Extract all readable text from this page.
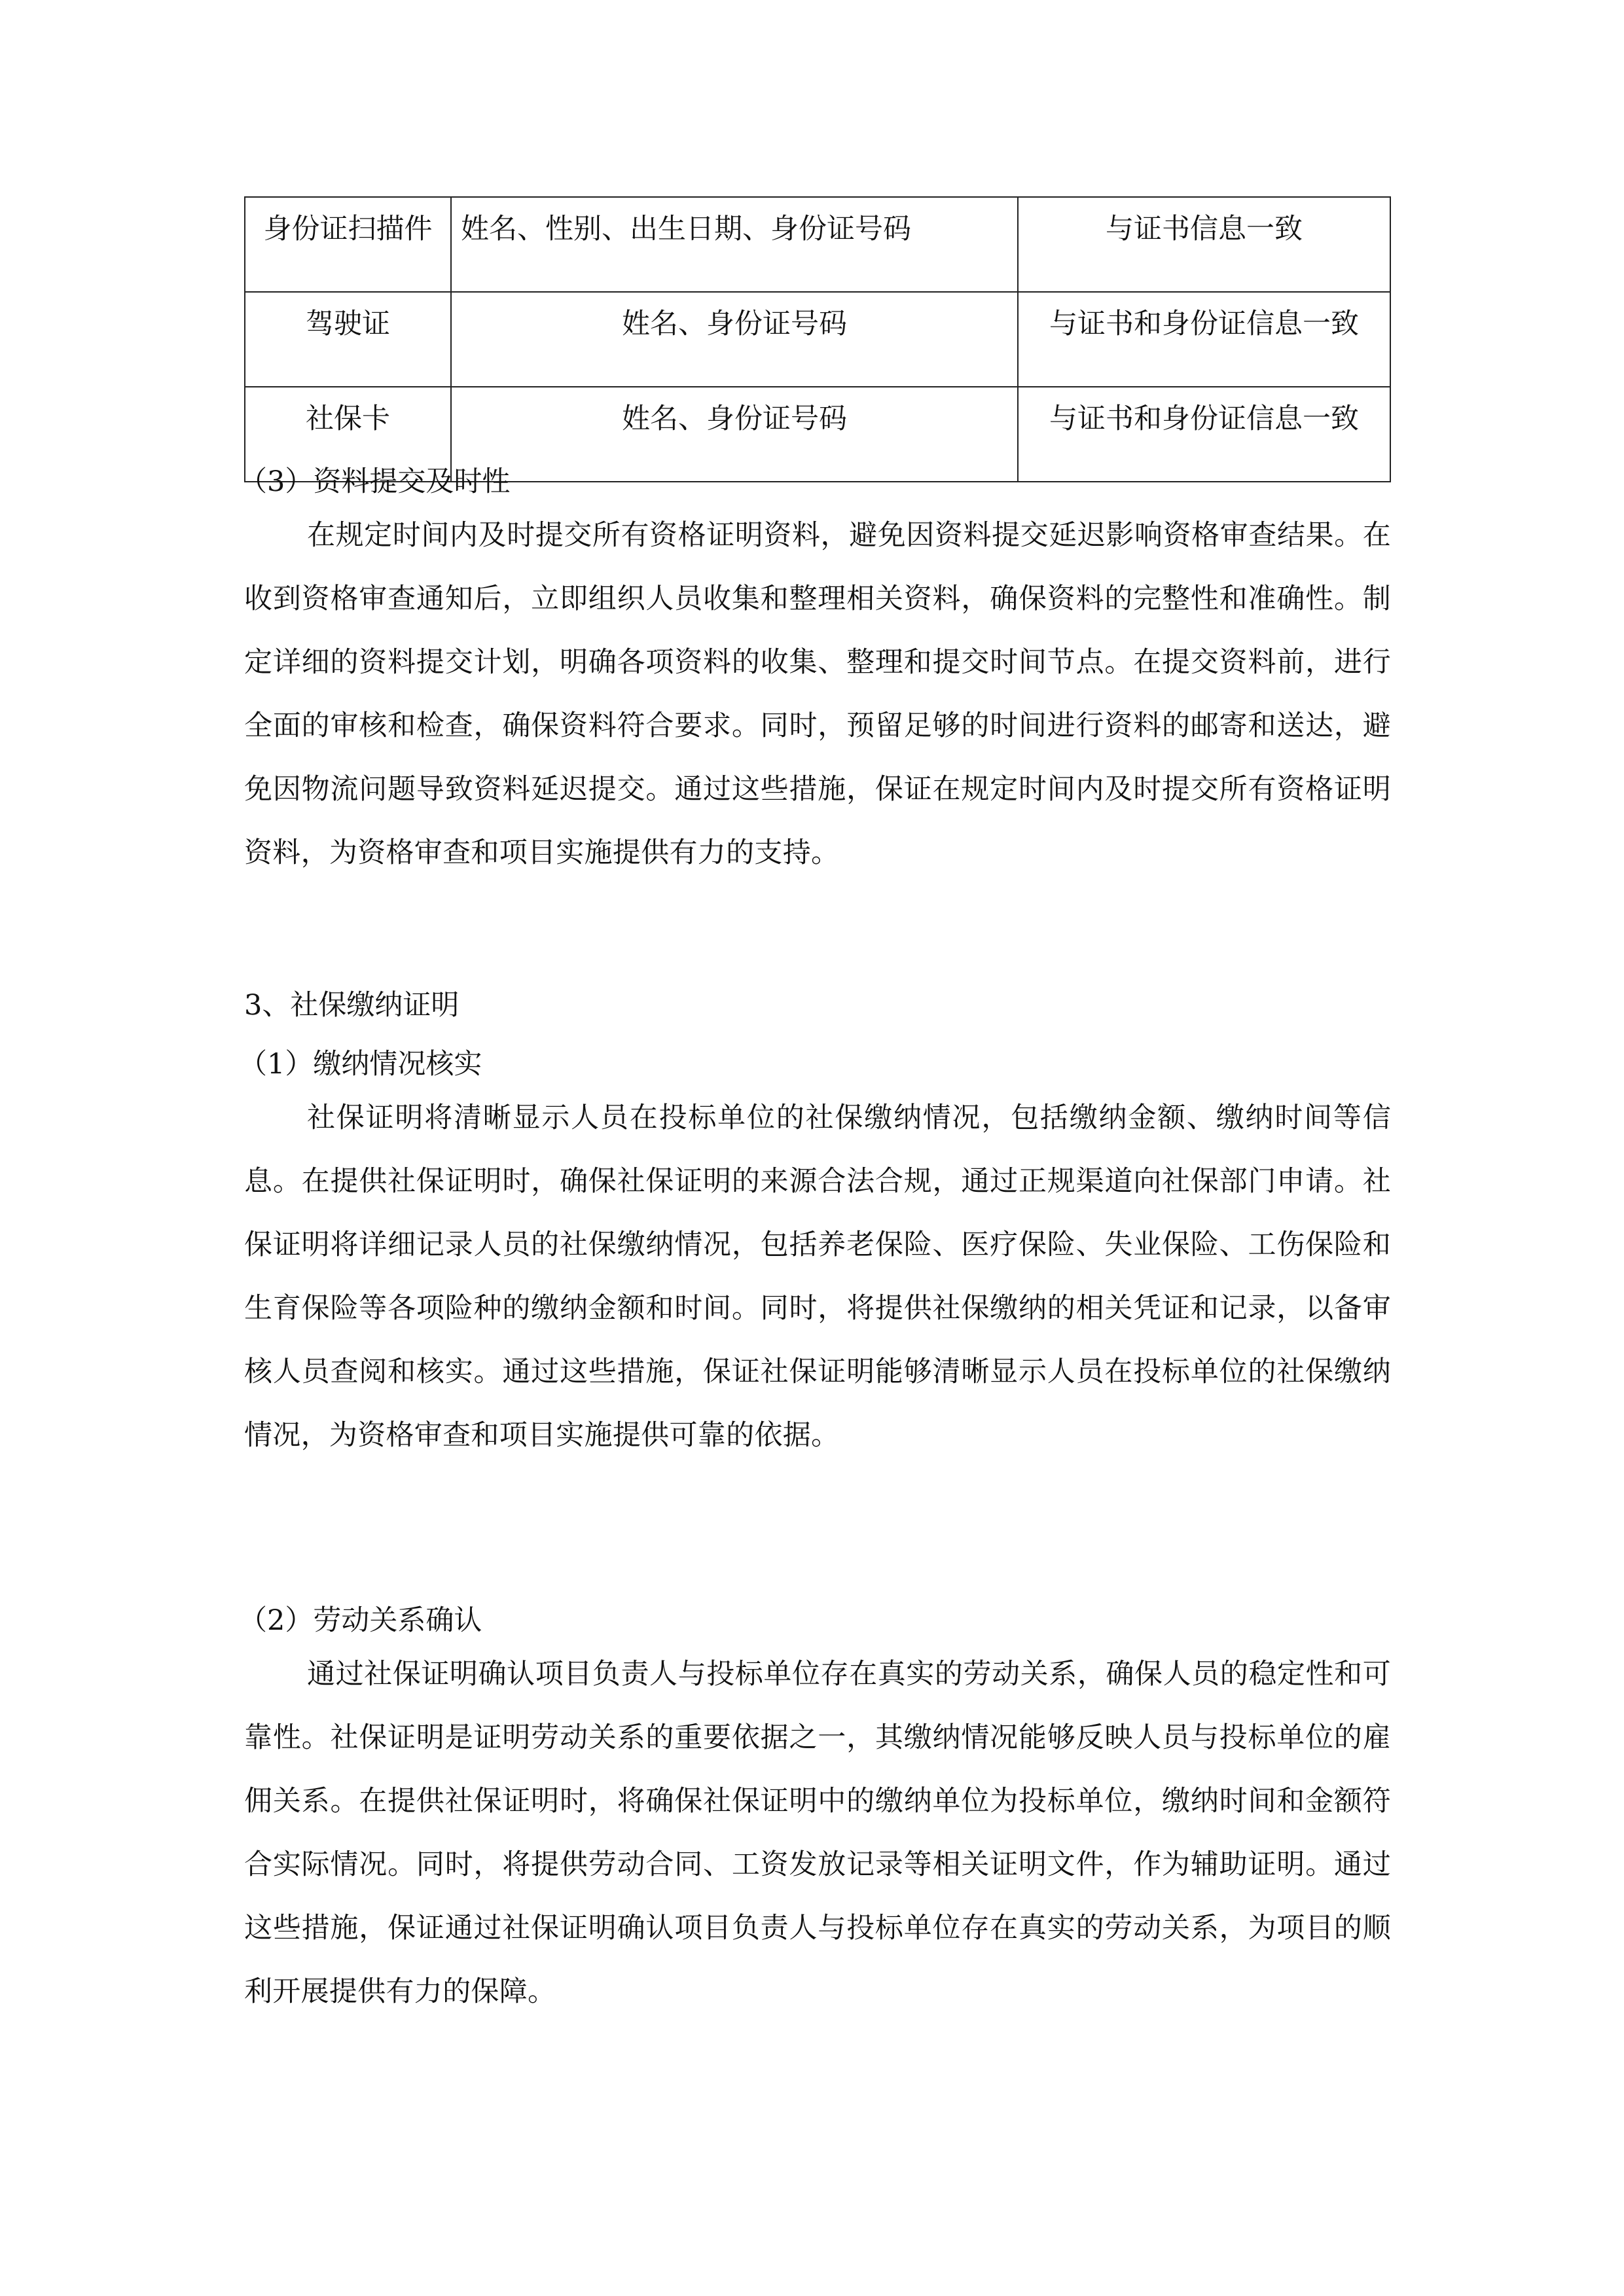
身份证扫描件	姓名、性别、出生日期、身份证号码	与证书信息一致
驾驶证	姓名、身份证号码	与证书和身份证信息一致
社保卡	姓名、身份证号码	与证书和身份证信息一致

（3）资料提交及时性

在规定时间内及时提交所有资格证明资料，避免因资料提交延迟影响资格审查结果。在收到资格审查通知后，立即组织人员收集和整理相关资料，确保资料的完整性和准确性。制定详细的资料提交计划，明确各项资料的收集、整理和提交时间节点。在提交资料前，进行全面的审核和检查，确保资料符合要求。同时，预留足够的时间进行资料的邮寄和送达，避免因物流问题导致资料延迟提交。通过这些措施，保证在规定时间内及时提交所有资格证明资料，为资格审查和项目实施提供有力的支持。

3、社保缴纳证明

（1）缴纳情况核实

社保证明将清晰显示人员在投标单位的社保缴纳情况，包括缴纳金额、缴纳时间等信息。在提供社保证明时，确保社保证明的来源合法合规，通过正规渠道向社保部门申请。社保证明将详细记录人员的社保缴纳情况，包括养老保险、医疗保险、失业保险、工伤保险和生育保险等各项险种的缴纳金额和时间。同时，将提供社保缴纳的相关凭证和记录，以备审核人员查阅和核实。通过这些措施，保证社保证明能够清晰显示人员在投标单位的社保缴纳情况，为资格审查和项目实施提供可靠的依据。

（2）劳动关系确认

通过社保证明确认项目负责人与投标单位存在真实的劳动关系，确保人员的稳定性和可靠性。社保证明是证明劳动关系的重要依据之一，其缴纳情况能够反映人员与投标单位的雇佣关系。在提供社保证明时，将确保社保证明中的缴纳单位为投标单位，缴纳时间和金额符合实际情况。同时，将提供劳动合同、工资发放记录等相关证明文件，作为辅助证明。通过这些措施，保证通过社保证明确认项目负责人与投标单位存在真实的劳动关系，为项目的顺利开展提供有力的保障。
